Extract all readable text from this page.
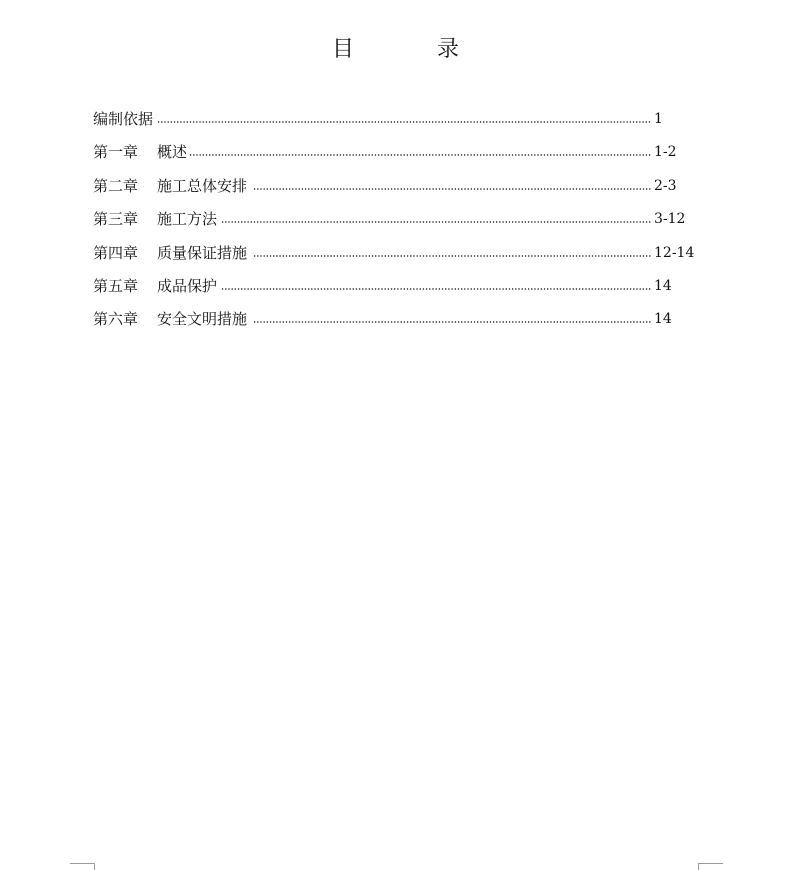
目	录
编制依据	1
第一章 概述	1-2
第二章 施工总体安排	2-3
第三章 施工方法	3-12
第四章 质量保证措施	12-14
第五章 成品保护	14
第六章 安全文明措施	14
